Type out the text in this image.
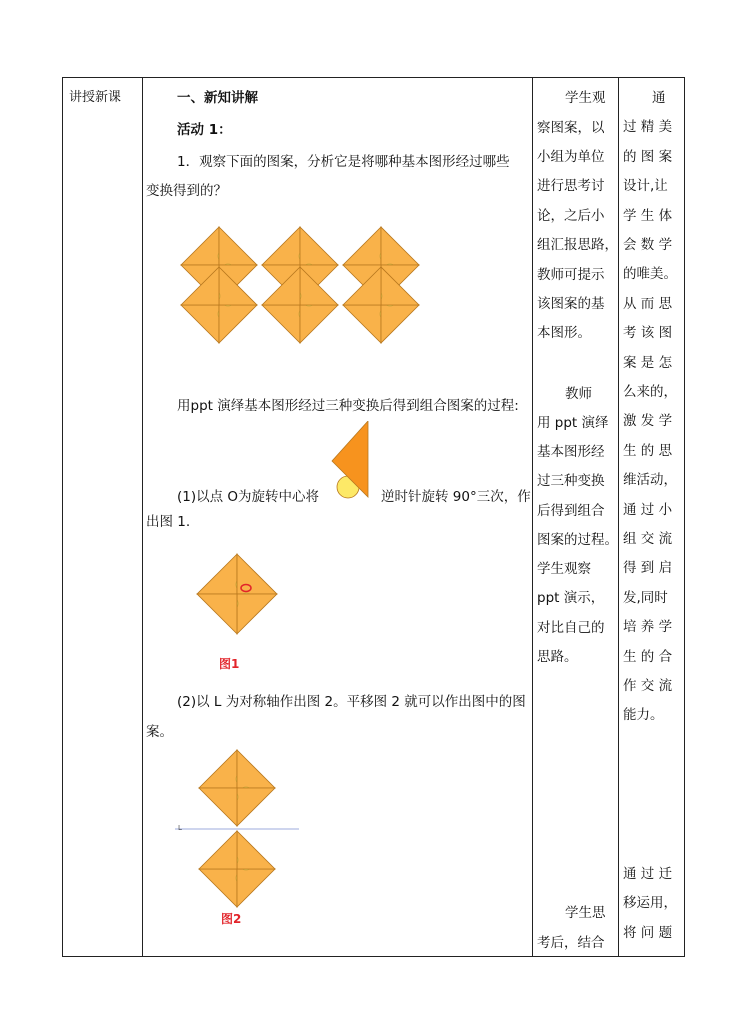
讲授新课	一、新知讲解
活动 1：
1．观察下面的图案，分析它是将哪种基本图形经过哪些
变换得到的？
用ppt 演绎基本图形经过三种变换后得到组合图案的过程:
(1)以点 O为旋转中心将	逆时针旋转 90°三次，作
出图 1.
图1
(2)以 L 为对称轴作出图 2。平移图 2 就可以作出图中的图
案。
L
图2
学生观
察图案，以
小组为单位
进行思考讨
论，之后小
组汇报思路，
教师可提示
该图案的基
本图形。
教师
用 ppt 演绎
基本图形经
过三种变换
后得到组合
图案的过程。
学生观察
ppt 演示，
对比自己的
思路。
学生思
考后，结合
通
过 精 美
的 图 案
设计,让
学 生 体
会 数 学
的唯美。
从 而 思
考 该 图
案 是 怎
么来的，
激 发 学
生 的 思
维活动，
通 过 小
组 交 流
得 到 启
发,同时
培 养 学
生 的 合
作 交 流
能力。
通 过 迁
移运用，
将 问 题
